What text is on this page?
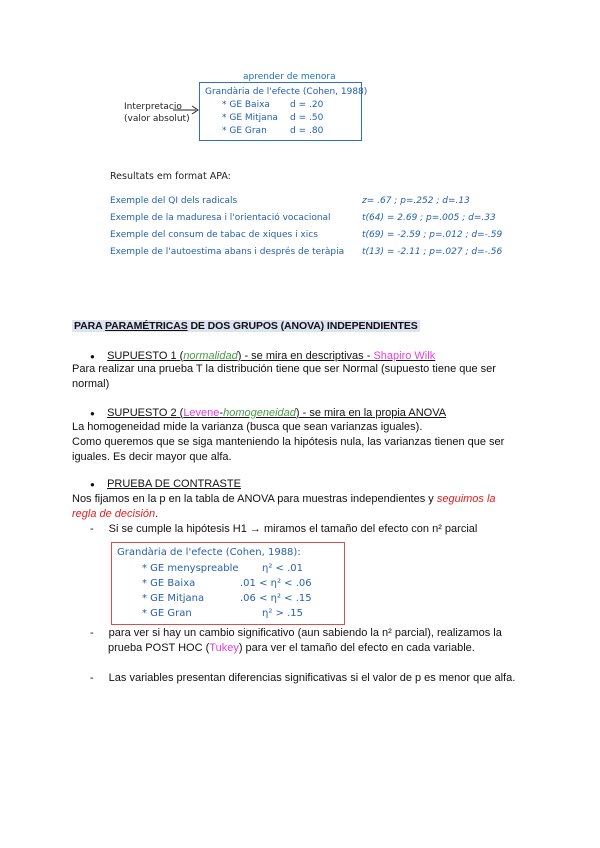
aprender de menora
Grandària de l'efecte (Cohen, 1988)
* GE Baixa d = .20
* GE Mitjana d = .50
* GE Gran	d = .80
Interpretacio
(valor absolut)
Resultats em format APA:
Exemple del QI dels radicals	z= .67 ; p=.252 ; d=.13
Exemple de la maduresa i l'orientació vocacional	t(64) = 2.69 ; p=.005 ; d=.33
Exemple del consum de tabac de xiques i xics	t(69) = -2.59 ; p=.012 ; d=-.59
Exemple de l'autoestima abans i després de teràpia t(13) = -2.11 ; p=.027 ; d=-.56
PARA PARAMÉTRICAS DE DOS GRUPOS (ANOVA) INDEPENDIENTES
● SUPUESTO 1 (normalidad) - se mira en descriptivas - Shapiro Wilk
Para realizar una prueba T la distribución tiene que ser Normal (supuesto tiene que ser
normal)
● SUPUESTO 2 (Levene-homogeneidad) - se mira en la propia ANOVA
La homogeneidad mide la varianza (busca que sean varianzas iguales).
Como queremos que se siga manteniendo la hipótesis nula, las varianzas tienen que ser
iguales. Es decir mayor que alfa.
● PRUEBA DE CONTRASTE
Nos fijamos en la p en la tabla de ANOVA para muestras independientes y seguimos la
regla de decisión.
- Si se cumple la hipótesis H1 → miramos el tamaño del efecto con n² parcial
Grandària de l'efecte (Cohen, 1988):
* GE menyspreable η² < .01
* GE Baixa	.01 < η² < .06
* GE Mitjana	.06 < η² < .15
* GE Gran	η² > .15
- para ver si hay un cambio significativo (aun sabiendo la n² parcial), realizamos la
prueba POST HOC (Tukey) para ver el tamaño del efecto en cada variable.
- Las variables presentan diferencias significativas si el valor de p es menor que alfa.
